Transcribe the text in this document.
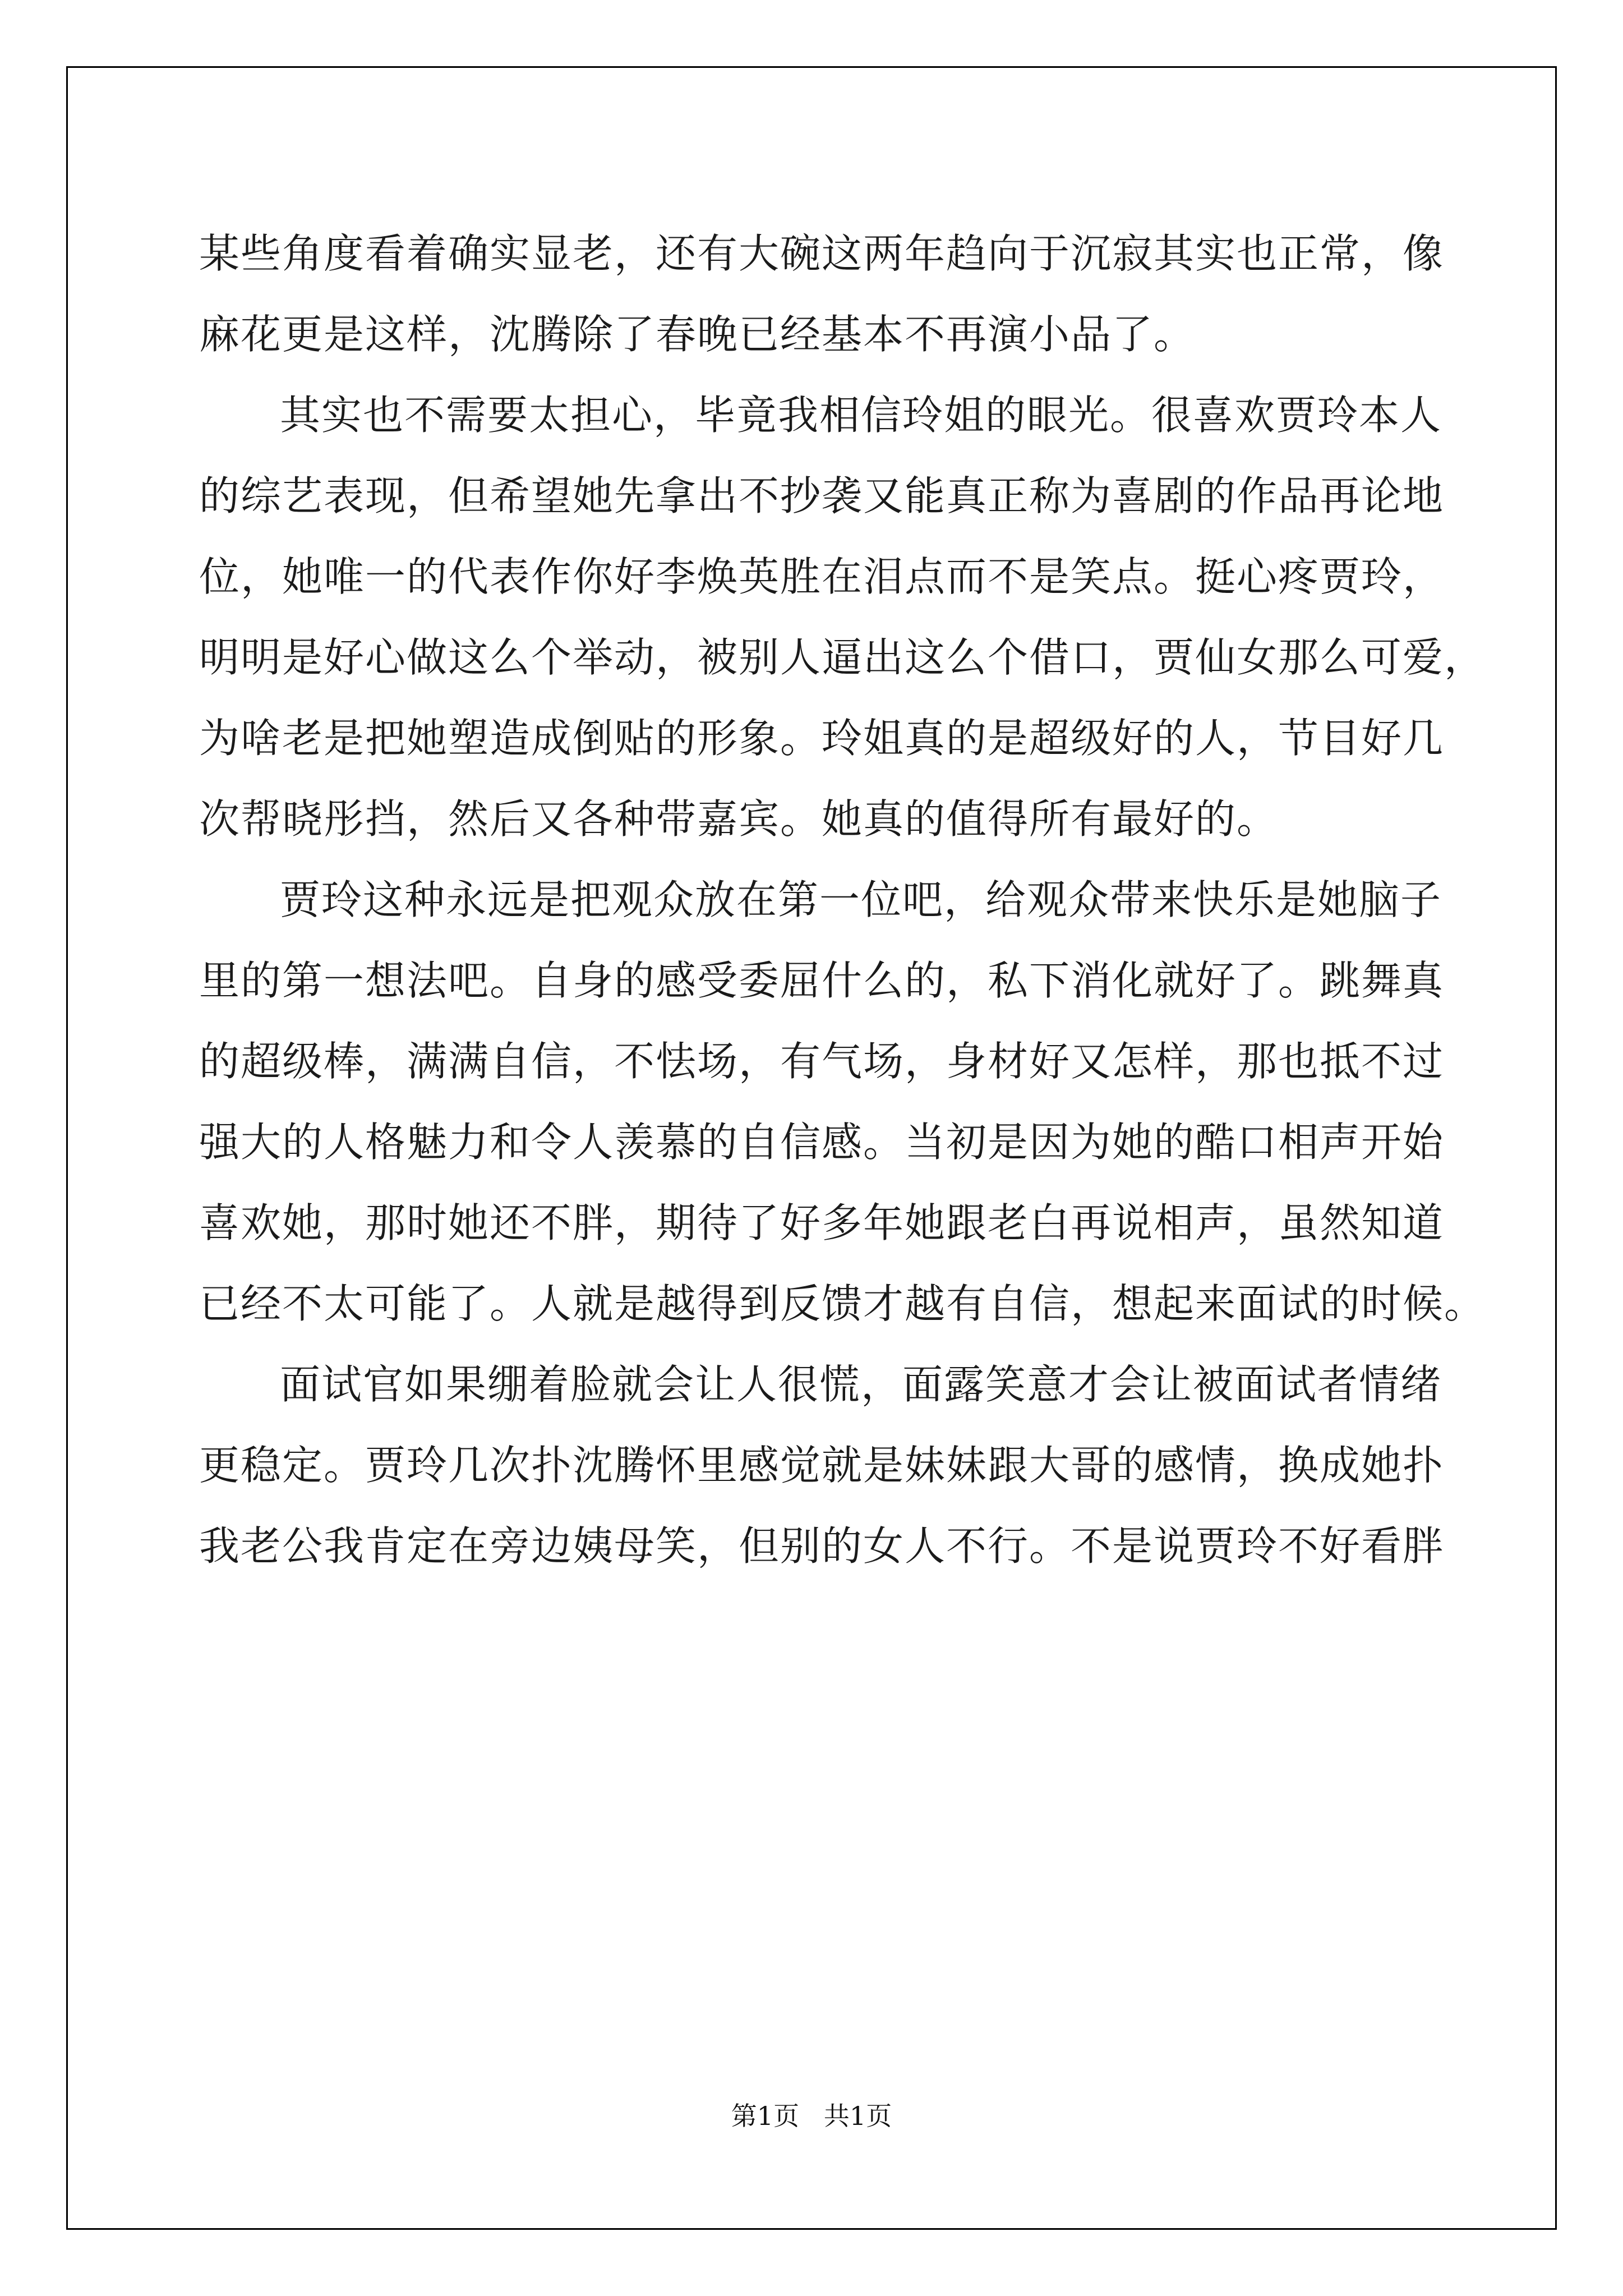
某些角度看着确实显老，还有大碗这两年趋向于沉寂其实也正常，像
麻花更是这样，沈腾除了春晚已经基本不再演小品了。
其实也不需要太担心，毕竟我相信玲姐的眼光。很喜欢贾玲本人
的综艺表现，但希望她先拿出不抄袭又能真正称为喜剧的作品再论地
位，她唯一的代表作你好李焕英胜在泪点而不是笑点。挺心疼贾玲，
明明是好心做这么个举动，被别人逼出这么个借口，贾仙女那么可爱，
为啥老是把她塑造成倒贴的形象。玲姐真的是超级好的人，节目好几
次帮晓彤挡，然后又各种带嘉宾。她真的值得所有最好的。
贾玲这种永远是把观众放在第一位吧，给观众带来快乐是她脑子
里的第一想法吧。自身的感受委屈什么的，私下消化就好了。跳舞真
的超级棒，满满自信，不怯场，有气场，身材好又怎样，那也抵不过
强大的人格魅力和令人羡慕的自信感。当初是因为她的酷口相声开始
喜欢她，那时她还不胖，期待了好多年她跟老白再说相声，虽然知道
已经不太可能了。人就是越得到反馈才越有自信，想起来面试的时候。
面试官如果绷着脸就会让人很慌，面露笑意才会让被面试者情绪
更稳定。贾玲几次扑沈腾怀里感觉就是妹妹跟大哥的感情，换成她扑
我老公我肯定在旁边姨母笑，但别的女人不行。不是说贾玲不好看胖
第1页   共1页
